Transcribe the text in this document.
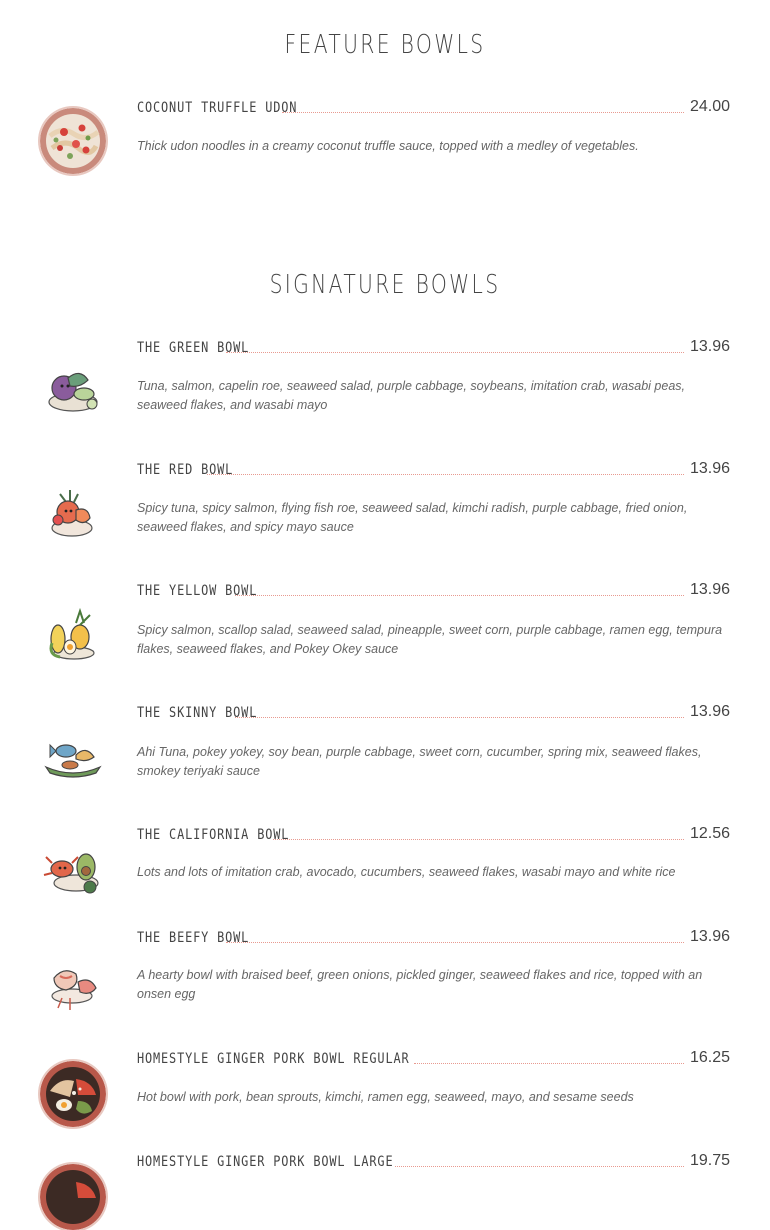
FEATURE BOWLS
COCONUT TRUFFLE UDON	24.00
Thick udon noodles in a creamy coconut truffle sauce, topped with a medley of vegetables.
SIGNATURE BOWLS
THE GREEN BOWL	13.96
Tuna, salmon, capelin roe, seaweed salad, purple cabbage, soybeans, imitation crab, wasabi peas, seaweed flakes, and wasabi mayo
THE RED BOWL	13.96
Spicy tuna, spicy salmon, flying fish roe, seaweed salad, kimchi radish, purple cabbage, fried onion, seaweed flakes, and spicy mayo sauce
THE YELLOW BOWL	13.96
Spicy salmon, scallop salad, seaweed salad, pineapple, sweet corn, purple cabbage, ramen egg, tempura flakes, seaweed flakes, and Pokey Okey sauce
THE SKINNY BOWL	13.96
Ahi Tuna, pokey yokey, soy bean, purple cabbage, sweet corn, cucumber, spring mix, seaweed flakes, smokey teriyaki sauce
THE CALIFORNIA BOWL	12.56
Lots and lots of imitation crab, avocado, cucumbers, seaweed flakes, wasabi mayo and white rice
THE BEEFY BOWL	13.96
A hearty bowl with braised beef, green onions, pickled ginger, seaweed flakes and rice, topped with an onsen egg
HOMESTYLE GINGER PORK BOWL REGULAR	16.25
Hot bowl with pork, bean sprouts, kimchi, ramen egg, seaweed, mayo, and sesame seeds
HOMESTYLE GINGER PORK BOWL LARGE	19.75
